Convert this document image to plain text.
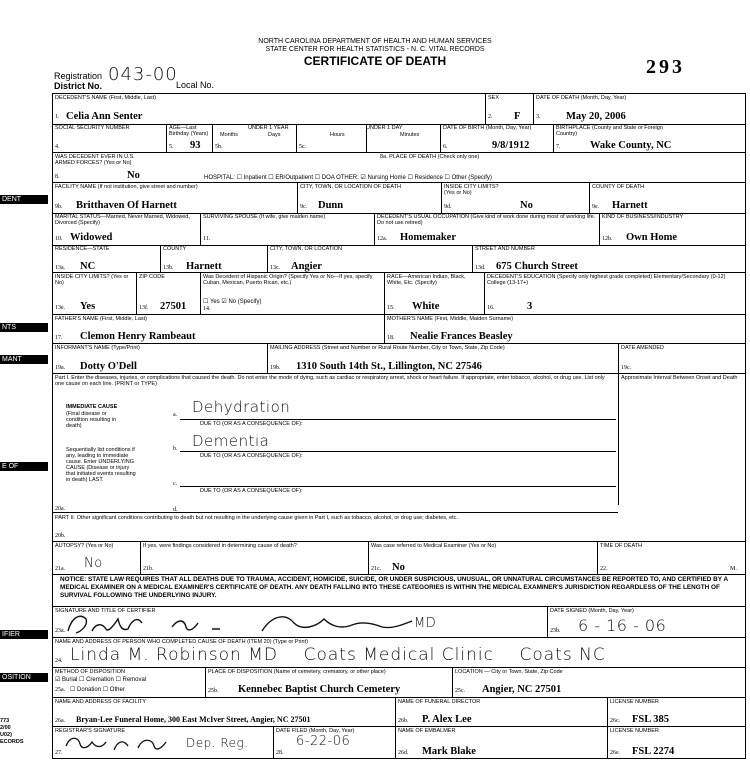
NORTH CAROLINA DEPARTMENT OF HEALTH AND HUMAN SERVICES
STATE CENTER FOR HEALTH STATISTICS - N. C. VITAL RECORDS
CERTIFICATE OF DEATH	293
Registration
District No.
043-00
Local No.
DENT
NTS
MANT
E OF
IFIER
OSITION
773
2/00
U02)
ECORDS
DECEDENT'S NAME (First, Middle, Last)
1. Celia Ann Senter
SEX
2. F
DATE OF DEATH (Month, Day, Year)
3. May 20, 2006
SOCIAL SECURITY NUMBER
4.
AGE—Last Birthday (Years)
5. 93
UNDER 1 YEAR
Months	Days
5b.
UNDER 1 DAY
Hours	Minutes
5c.
DATE OF BIRTH (Month, Day, Year)
6.	9/8/1912
BIRTHPLACE (County and State or Foreign Country)
7.	Wake County, NC
WAS DECEDENT EVER IN U.S. ARMED FORCES? (Yes or No)
8.	No
8a. PLACE OF DEATH (Check only one)
HOSPITAL: ☐ Inpatient ☐ ER/Outpatient ☐ DOA OTHER: ☑ Nursing Home ☐ Residence ☐ Other (Specify)
FACILITY NAME (If not institution, give street and number)
9b. Britthaven Of Harnett
CITY, TOWN, OR LOCATION OF DEATH
9c. Dunn
INSIDE CITY LIMITS? (Yes or No)
9d.	No
COUNTY OF DEATH
9e. Harnett
MARITAL STATUS—Married, Never Married, Widowed, Divorced (Specify)
10. Widowed
SURVIVING SPOUSE (If wife, give maiden name)
11.
DECEDENT'S USUAL OCCUPATION (Give kind of work done during most of working life. Do not use retired)
12a. Homemaker
KIND OF BUSINESS/INDUSTRY
12b. Own Home
RESIDENCE—STATE
13a. NC
COUNTY
13b. Harnett
CITY, TOWN, OR LOCATION
13c. Angier
STREET AND NUMBER
13d. 675 Church Street
INSIDE CITY LIMITS? (Yes or No)
13e. Yes
ZIP CODE
13f. 27501
Was Decedent of Hispanic Origin? (Specify Yes or No—If yes, specify Cuban, Mexican, Puerto Rican, etc.)
☐ Yes ☑ No (Specify)
14.
RACE—American Indian, Black, White, Etc. (Specify)
15. White
DECEDENT'S EDUCATION (Specify only highest grade completed) Elementary/Secondary (0-12) College (13-17+)
16.	3
FATHER'S NAME (First, Middle, Last)
17. Clemon Henry Rambeaut
MOTHER'S NAME (First, Middle, Maiden Surname)
18. Nealie Frances Beasley
INFORMANT'S NAME (Type/Print)
19a. Dotty O'Dell
MAILING ADDRESS (Street and Number or Rural Route Number, City or Town, State, Zip Code)
19b. 1310 South 14th St., Lillington, NC 27546
DATE AMENDED
19c.
Part I. Enter the diseases, injuries, or complications that caused the death. Do not enter the mode of dying, such as cardiac or respiratory arrest, shock or heart failure. If appropriate, enter tobacco, alcohol, or drug use. List only one cause on each line. (PRINT or TYPE)
Approximate Interval Between Onset and Death
IMMEDIATE CAUSE
(Final disease or condition resulting in death)
Sequentially list conditions if any, leading to immediate cause. Enter UNDERLYING CAUSE (Disease or injury that initiated events resulting in death) LAST.
a. Dehydration
DUE TO (OR AS A CONSEQUENCE OF):
b. Dementia
DUE TO (OR AS A CONSEQUENCE OF):
c.
DUE TO (OR AS A CONSEQUENCE OF):
d.
20a.
PART II. Other significant conditions contributing to death but not resulting in the underlying cause given in Part I, such as tobacco, alcohol, or drug use; diabetes, etc.
20b.
AUTOPSY? (Yes or No)
21a. No
If yes, were findings considered in determining cause of death?
21b.
Was case referred to Medical Examiner (Yes or No)
21c. No
TIME OF DEATH
22.	M.
NOTICE: STATE LAW REQUIRES THAT ALL DEATHS DUE TO TRAUMA, ACCIDENT, HOMICIDE, SUICIDE, OR UNDER SUSPICIOUS, UNUSUAL, OR UNNATURAL CIRCUMSTANCES BE REPORTED TO, AND CERTIFIED BY A MEDICAL EXAMINER ON A MEDICAL EXAMINER'S CERTIFICATE OF DEATH. ANY DEATH FALLING INTO THESE CATEGORIES IS WITHIN THE MEDICAL EXAMINER'S JURISDICTION REGARDLESS OF THE LENGTH OF SURVIVAL FOLLOWING THE UNDERLYING INJURY.
SIGNATURE AND TITLE OF CERTIFIER
23a.	MD
DATE SIGNED (Month, Day, Year)
23b. 6 - 16 - 06
NAME AND ADDRESS OF PERSON WHO COMPLETED CAUSE OF DEATH (ITEM 20) (Type or Print)
24. Linda M. Robinson MD    Coats Medical Clinic    Coats NC
METHOD OF DISPOSITION
☑ Burial ☐ Cremation ☐ Removal
25a. ☐ Donation ☐ Other
PLACE OF DISPOSITION (Name of cemetery, crematory, or other place)
25b. Kennebec Baptist Church Cemetery
LOCATION — City or Town, State, Zip Code
25c. Angier, NC 27501
NAME AND ADDRESS OF FACILITY
26a. Bryan-Lee Funeral Home, 300 East McIver Street, Angier, NC 27501
NAME OF FUNERAL DIRECTOR
26b. P. Alex Lee
LICENSE NUMBER
26c. FSL 385
REGISTRAR'S SIGNATURE
27.
Dep. Reg.
DATE FILED (Month, Day, Year)
28.
6-22-06
NAME OF EMBALMER
26d. Mark Blake
LICENSE NUMBER
26e. FSL 2274
